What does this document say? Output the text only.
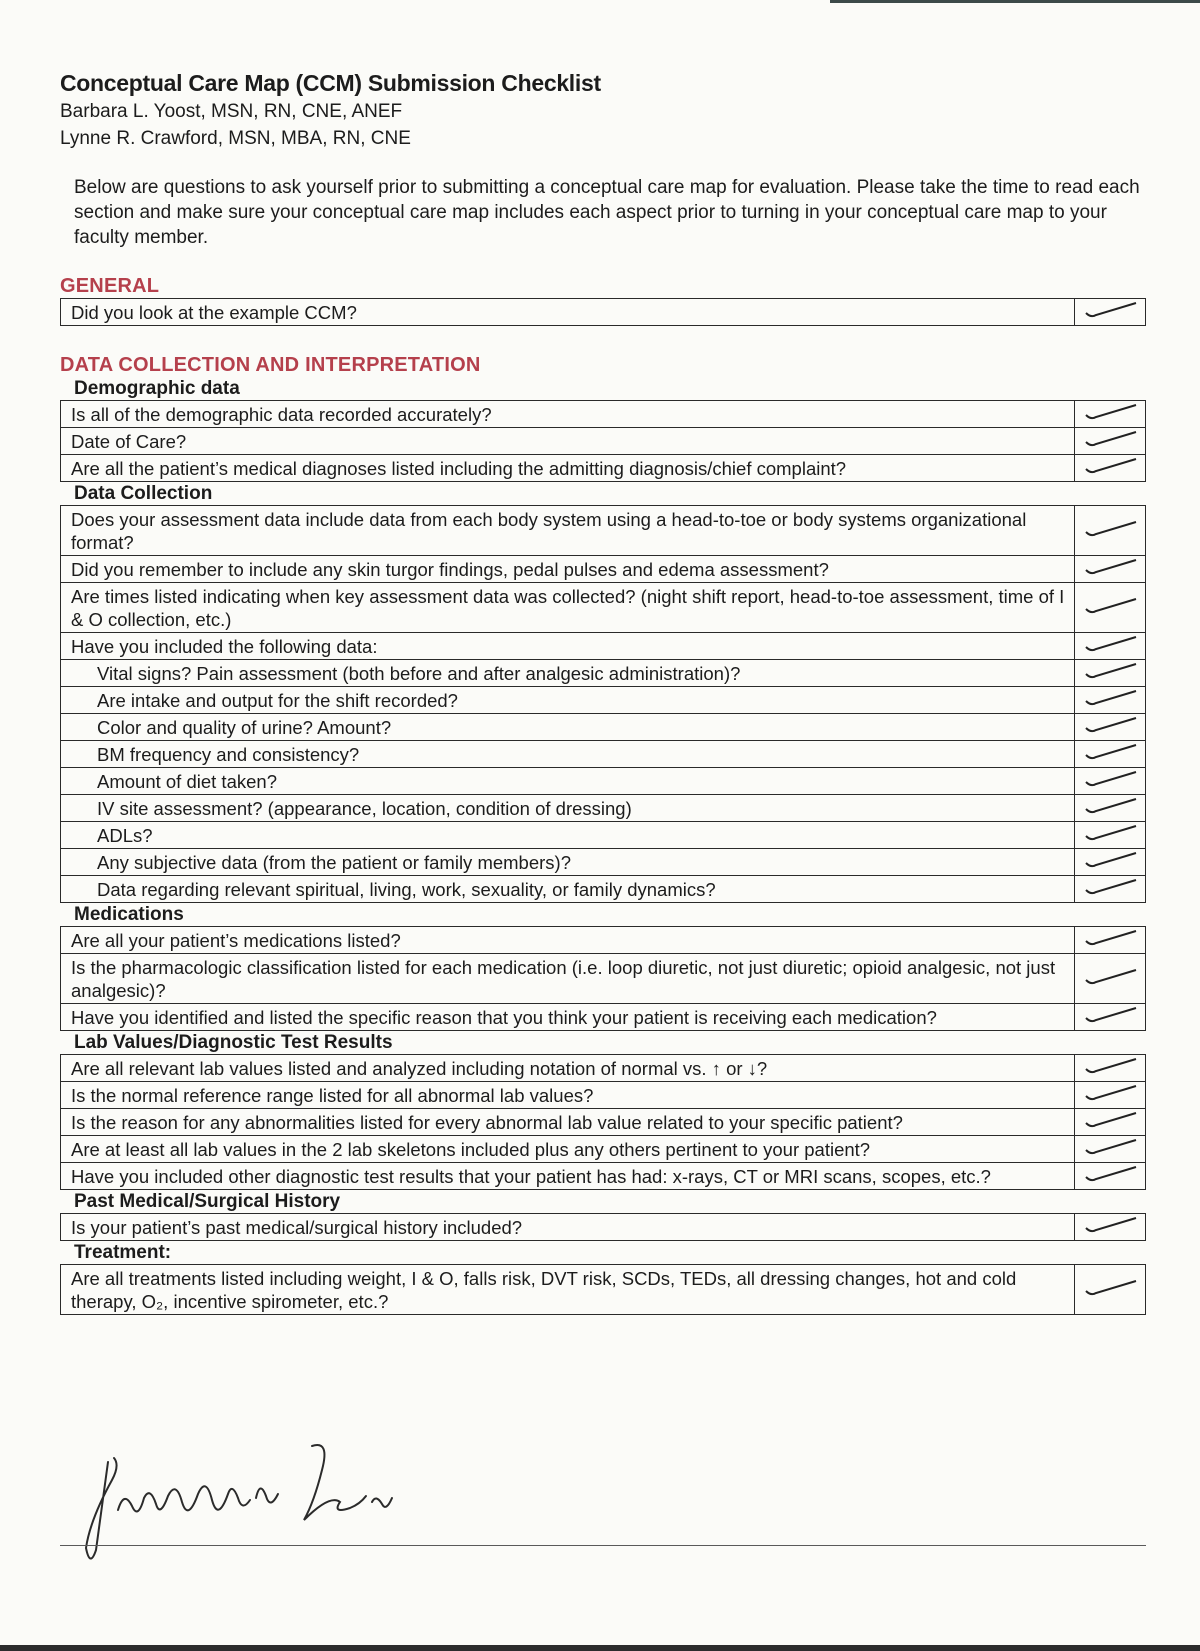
Conceptual Care Map (CCM) Submission Checklist
Barbara L. Yoost, MSN, RN, CNE, ANEF
Lynne R. Crawford, MSN, MBA, RN, CNE
Below are questions to ask yourself prior to submitting a conceptual care map for evaluation. Please take the time to read each section and make sure your conceptual care map includes each aspect prior to turning in your conceptual care map to your faculty member.
GENERAL
Did you look at the example CCM?	
DATA COLLECTION AND INTERPRETATION
Demographic data
Is all of the demographic data recorded accurately?	

Date of Care?	

Are all the patient’s medical diagnoses listed including the admitting diagnosis/chief complaint?	
Data Collection
Does your assessment data include data from each body system using a head-to-toe or body systems organizational format?	

Did you remember to include any skin turgor findings, pedal pulses and edema assessment?	

Are times listed indicating when key assessment data was collected? (night shift report, head-to-toe assessment, time of I & O collection, etc.)	

Have you included the following data:	

Vital signs? Pain assessment (both before and after analgesic administration)?	

Are intake and output for the shift recorded?	

Color and quality of urine? Amount?	

BM frequency and consistency?	

Amount of diet taken?	

IV site assessment? (appearance, location, condition of dressing)	

ADLs?	

Any subjective data (from the patient or family members)?	

Data regarding relevant spiritual, living, work, sexuality, or family dynamics?	
Medications
Are all your patient’s medications listed?	

Is the pharmacologic classification listed for each medication (i.e. loop diuretic, not just diuretic; opioid analgesic, not just analgesic)?	

Have you identified and listed the specific reason that you think your patient is receiving each medication?	
Lab Values/Diagnostic Test Results
Are all relevant lab values listed and analyzed including notation of normal vs. ↑ or ↓?	

Is the normal reference range listed for all abnormal lab values?	

Is the reason for any abnormalities listed for every abnormal lab value related to your specific patient?	

Are at least all lab values in the 2 lab skeletons included plus any others pertinent to your patient?	

Have you included other diagnostic test results that your patient has had: x-rays, CT or MRI scans, scopes, etc.?	
Past Medical/Surgical History
Is your patient’s past medical/surgical history included?	
Treatment:
Are all treatments listed including weight, I & O, falls risk, DVT risk, SCDs, TEDs, all dressing changes, hot and cold therapy, O₂, incentive spirometer, etc.?	
